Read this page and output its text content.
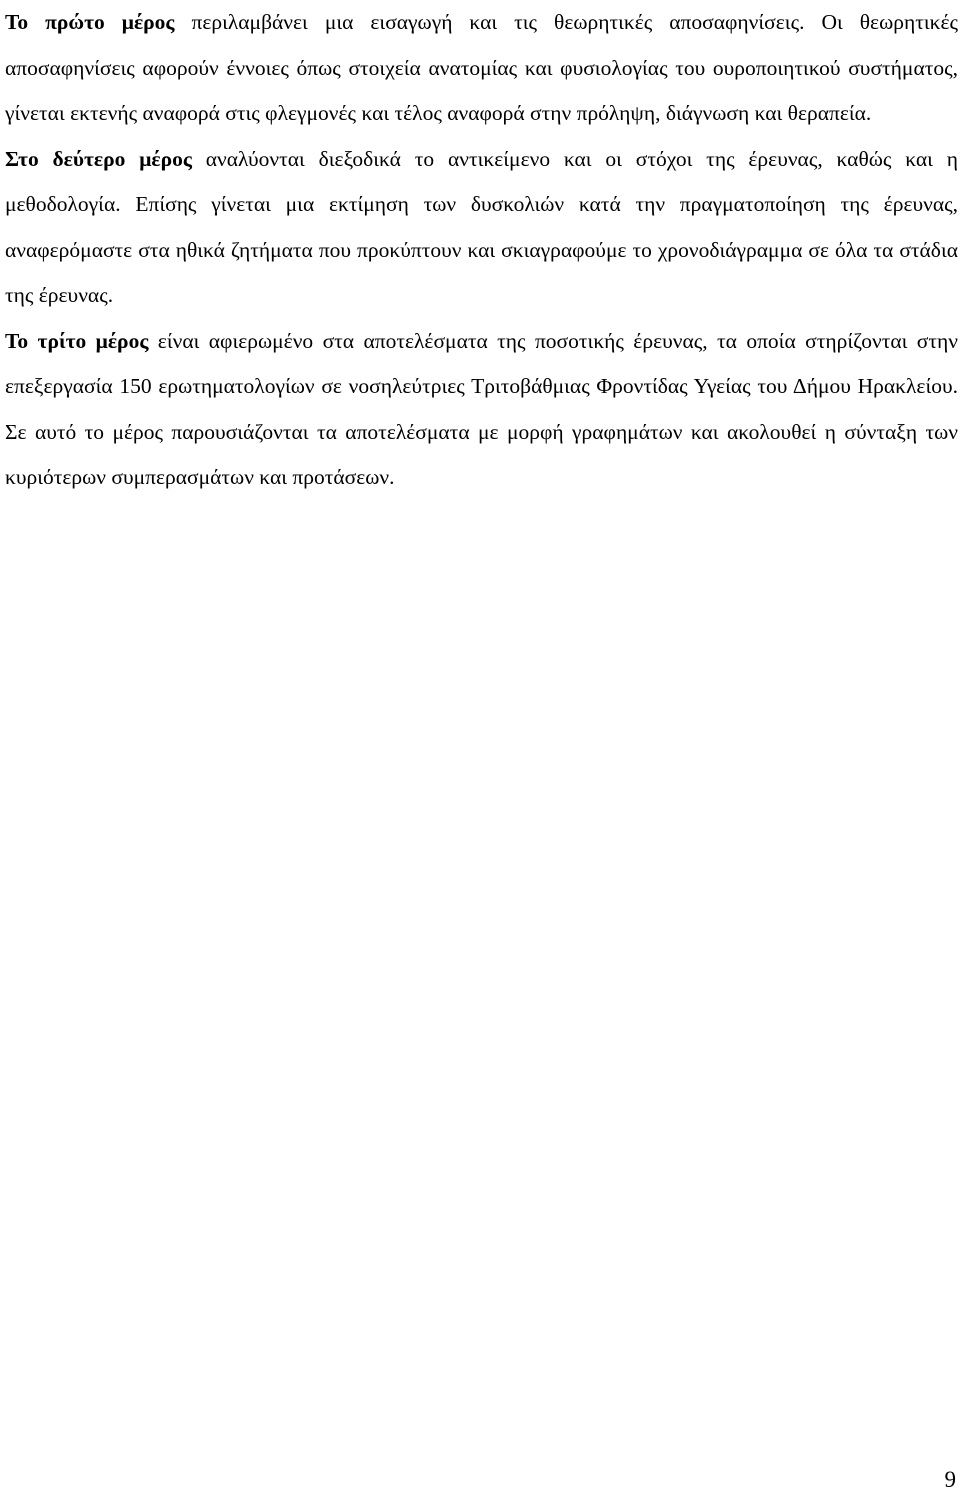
Το πρώτο μέρος περιλαμβάνει μια εισαγωγή και τις θεωρητικές αποσαφηνίσεις. Οι θεωρητικές αποσαφηνίσεις αφορούν έννοιες όπως στοιχεία ανατομίας και φυσιολογίας του ουροποιητικού συστήματος, γίνεται εκτενής αναφορά στις φλεγμονές και τέλος αναφορά στην πρόληψη, διάγνωση και θεραπεία.

Στο δεύτερο μέρος αναλύονται διεξοδικά το αντικείμενο και οι στόχοι της έρευνας, καθώς και η μεθοδολογία. Επίσης γίνεται μια εκτίμηση των δυσκολιών κατά την πραγματοποίηση της έρευνας, αναφερόμαστε στα ηθικά ζητήματα που προκύπτουν και σκιαγραφούμε το χρονοδιάγραμμα σε όλα τα στάδια της έρευνας.

Το τρίτο μέρος είναι αφιερωμένο στα αποτελέσματα της ποσοτικής έρευνας, τα οποία στηρίζονται στην επεξεργασία 150 ερωτηματολογίων σε νοσηλεύτριες Τριτοβάθμιας Φροντίδας Υγείας του Δήμου Ηρακλείου. Σε αυτό το μέρος παρουσιάζονται τα αποτελέσματα με μορφή γραφημάτων και ακολουθεί η σύνταξη των κυριότερων συμπερασμάτων και προτάσεων.

9
